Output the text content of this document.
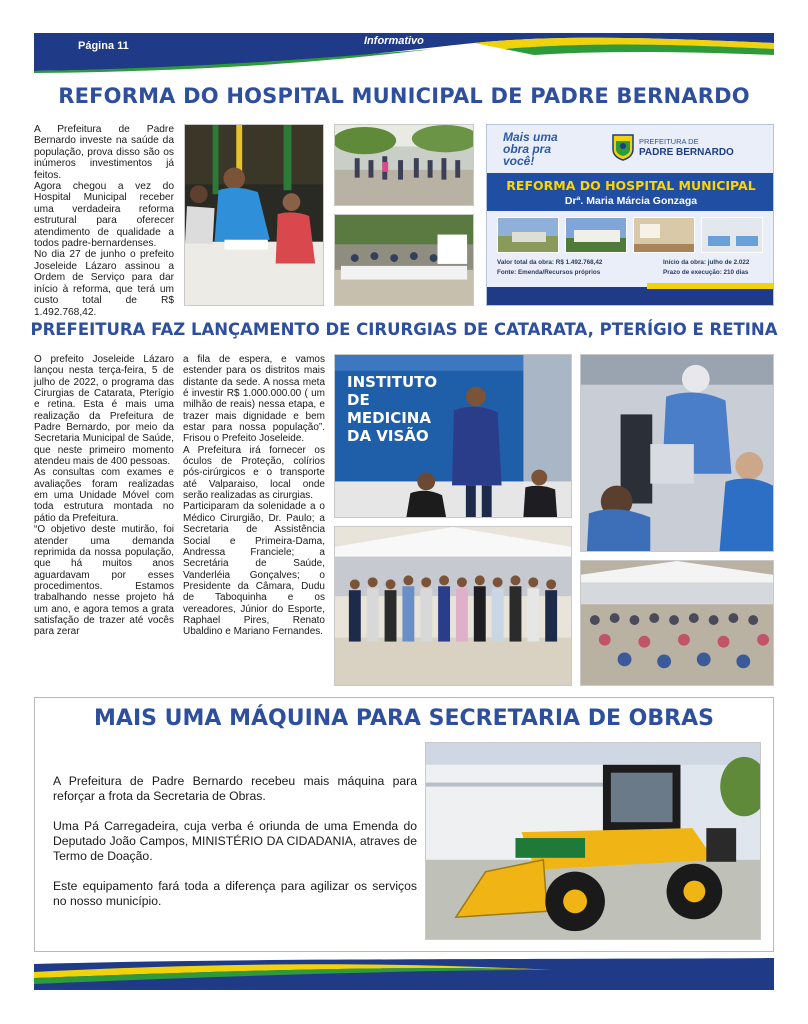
Página 11	Informativo
REFORMA DO HOSPITAL MUNICIPAL DE PADRE BERNARDO

A Prefeitura de Padre Bernardo investe na saúde da população, prova disso são os inúmeros investimentos já feitos.

Agora chegou a vez do Hospital Municipal receber uma verdadeira reforma estrutural para oferecer atendimento de qualidade a todos padre-bernardenses.

No dia 27 de junho o prefeito Joseleide Lázaro assinou a Ordem de Serviço para dar início à reforma, que terá um custo total de R$ 1.492.768,42.

Mais uma obra pra você!
PREFEITURA DE
PADRE BERNARDO
REFORMA DO HOSPITAL MUNICIPAL
Drª. Maria Márcia Gonzaga
Valor total da obra: R$ 1.492.768,42
Fonte: Emenda/Recursos próprios
Início da obra: julho de 2.022
Prazo de execução: 210 dias
PREFEITURA FAZ LANÇAMENTO DE CIRURGIAS DE CATARATA, PTERÍGIO E RETINA

O prefeito Joseleide Lázaro lançou nesta terça-feira, 5 de julho de 2022, o programa das Cirurgias de Catarata, Pterígio e retina. Esta é mais uma realização da Prefeitura de Padre Bernardo, por meio da Secretaria Municipal de Saúde, que neste primeiro momento atendeu mais de 400 pessoas.

As consultas com exames e avaliações foram realizadas em uma Unidade Móvel com toda estrutura montada no pátio da Prefeitura.

“O objetivo deste mutirão, foi atender uma demanda reprimida da nossa população, que há muitos anos aguardavam por esses procedimentos. Estamos trabalhando nesse projeto há um ano, e agora temos a grata satisfação de trazer até vocês para zerar

a fila de espera, e vamos estender para os distritos mais distante da sede. A nossa meta é investir R$ 1.000.000.00 ( um milhão de reais) nessa etapa, e trazer mais dignidade e bem estar para nossa população”. Frisou o Prefeito Joseleide.

A Prefeitura irá fornecer os óculos de Proteção, colírios pós-cirúrgicos e o transporte até Valparaiso, local onde serão realizadas as cirurgias.

Participaram da solenidade a o Médico Cirurgião, Dr. Paulo; a Secretaria de Assistência Social e Primeira-Dama, Andressa Franciele; a Secretária de Saúde, Vanderléia Gonçalves; o Presidente da Câmara, Dudu de Taboquinha e os vereadores, Júnior do Esporte, Raphael Pires, Renato Ubaldino e Mariano Fernandes.

INSTITUTO DE MEDICINA DA VISÃO
MAIS UMA MÁQUINA PARA SECRETARIA DE OBRAS

A Prefeitura de Padre Bernardo recebeu mais máquina para reforçar a frota da Secretaria de Obras.

Uma Pá Carregadeira, cuja verba é oriunda de uma Emenda do Deputado João Campos, MINISTÉRIO DA CIDADANIA, atraves de Termo de Doação.

Este equipamento fará toda a diferença para agilizar os serviços no nosso município.
